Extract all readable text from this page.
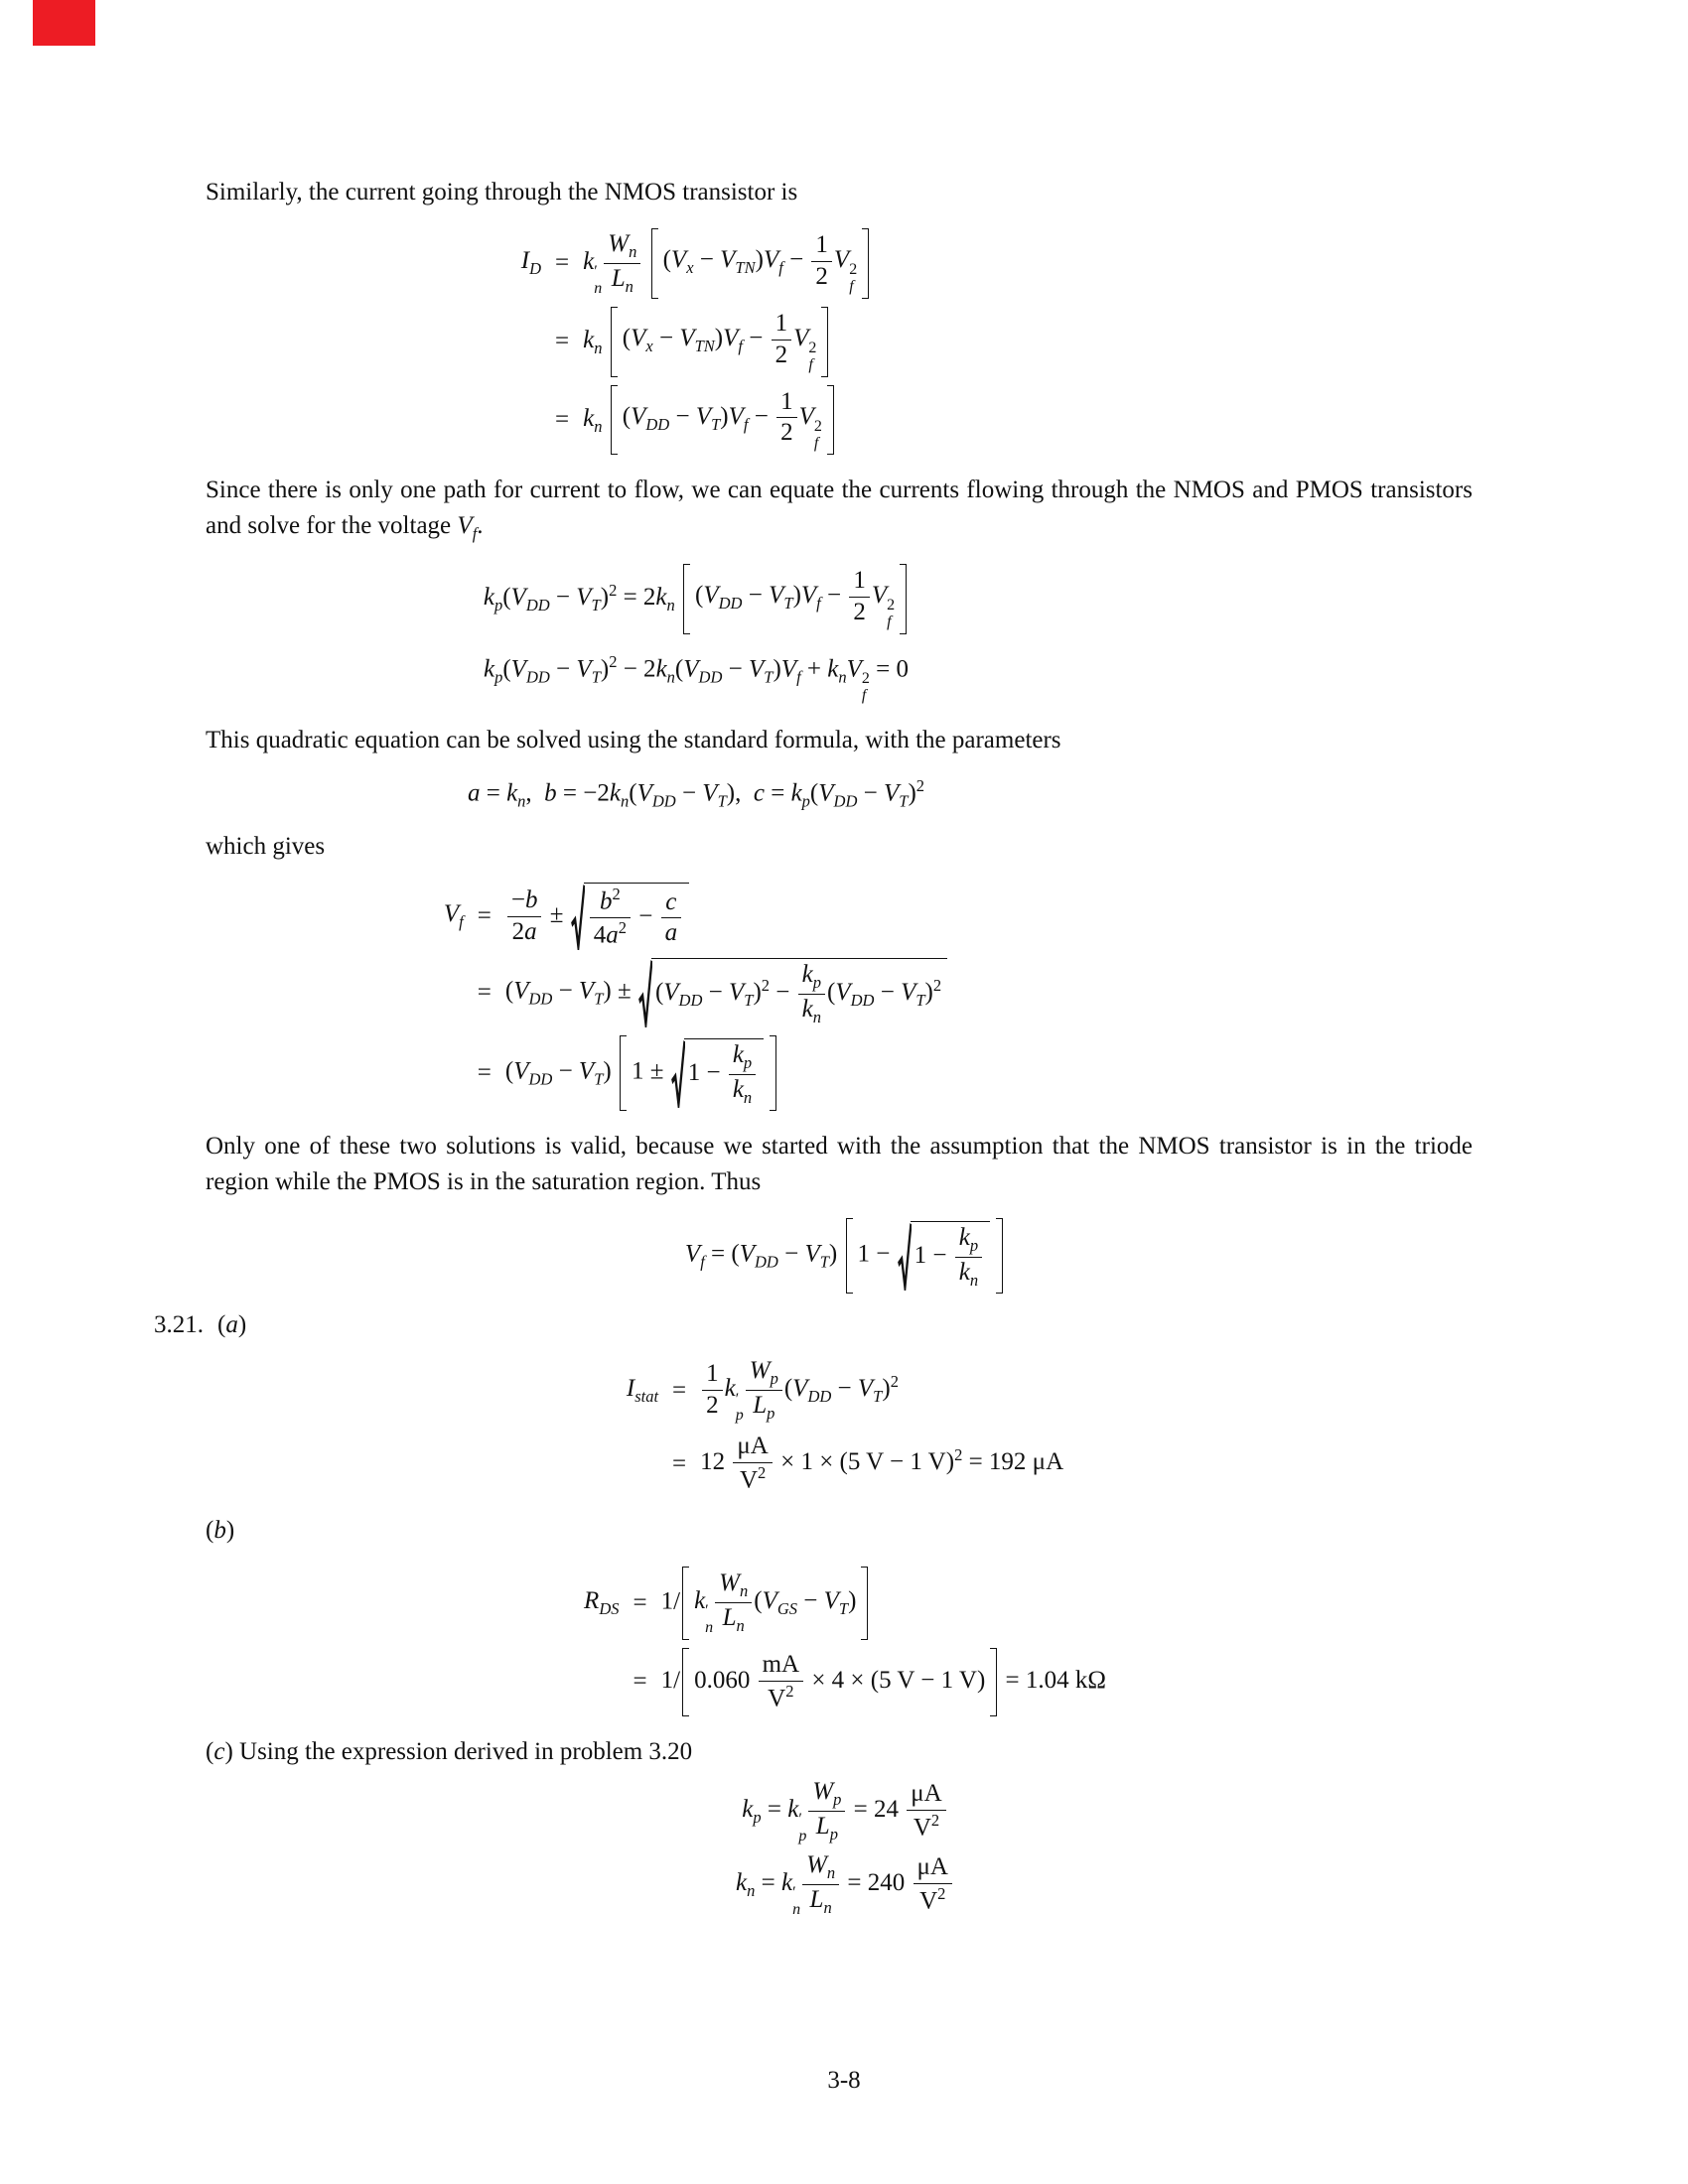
Similarly, the current going through the NMOS transistor is

$I_D = k$ ′
n $\frac{W_n}{L_n}$
$(V_x - V_{TN})V_f - \frac{1}{2}$ V 2
f
= $k_n$ $(V_x - V_{TN})V_f - \frac{1}{2}$ V 2
f
= $k_n$ $(V_{DD} - V_T)V_f - \frac{1}{2}$ V 2
f

Since there is only one path for current to flow, we can equate the currents flowing through the NMOS and PMOS transistors and solve for the voltage $V_f$.

$k_p(V_{DD} - V_T)^2 = 2k_n$ $(V_{DD} - V_T)V_f - \frac{1}{2}$ V 2
f
$k_p(V_{DD} - V_T)^2 - 2k_n(V_{DD} - V_T)V_f + k_nV$ 2
f
= 0

This quadratic equation can be solved using the standard formula, with the parameters

$a = k_n$,  $b = -2k_n(V_{DD} - V_T)$,  $c = k_p(V_{DD} - V_T)^2$

which gives

$V_f = \frac{-b}{2a} \pm \frac{b^2}{4a^2} - \frac{c}{a}$
= $(V_{DD} - V_T) \pm (V_{DD} - V_T)^2 - \frac{k_p}{k_n} (V_{DD} - V_T)^2$
= $(V_{DD} - V_T) 1 \pm 1 - \frac{k_p}{k_n}$

Only one of these two solutions is valid, because we started with the assumption that the NMOS transistor is in the triode region while the PMOS is in the saturation region. Thus

$V_f = (V_{DD} - V_T) 1 - 1 - \frac{k_p}{k_n}$
3.21. (a)
$I_{stat} = \frac{1}{2}$ k ′
p $\frac{W_p}{L_p} (V_{DD} - V_T)^2$
= $12 \frac{\mu A}{V^2} \times 1 \times (5$ V − 1 V)$^2$ = 192 μA

(b)

$R_{DS} = 1/$ k ′
n $\frac{W_n}{L_n} (V_{GS} - V_T)$
= 1/ $0.060 \frac{mA}{V^2} \times 4 \times (5$ V − 1 V) = 1.04 kΩ

(c) Using the expression derived in problem 3.20

$k_p = k$ ′
p $\frac{W_p}{L_p} = 24 \frac{\mu A}{V^2}$
$k_n = k$ ′
n $\frac{W_n}{L_n} = 240 \frac{\mu A}{V^2}$
3-8
